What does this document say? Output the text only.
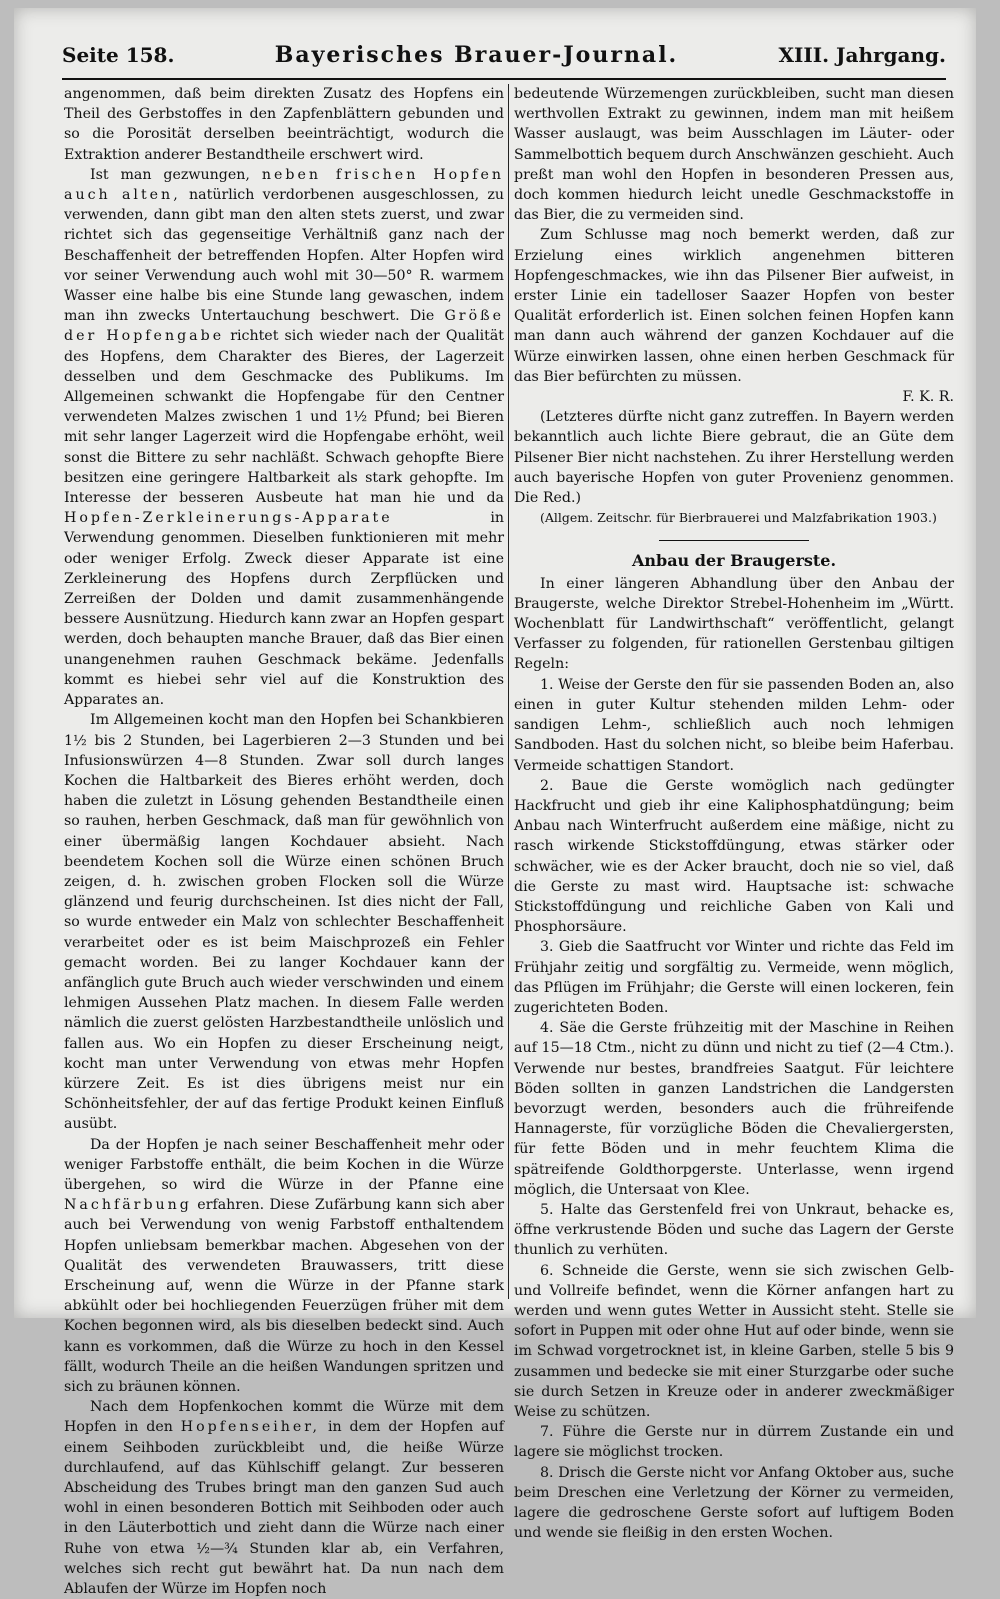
Seite 158.	Bayerisches Brauer-Journal.	XIII. Jahrgang.

angenommen, daß beim direkten Zusatz des Hopfens ein Theil des Gerbstoffes in den Zapfenblättern gebunden und so die Porosität derselben beeinträchtigt, wodurch die Extraktion anderer Bestandtheile erschwert wird.

Ist man gezwungen, neben frischen Hopfen auch alten, natürlich verdorbenen ausgeschlossen, zu verwenden, dann gibt man den alten stets zuerst, und zwar richtet sich das gegenseitige Verhältniß ganz nach der Beschaffenheit der betreffenden Hopfen. Alter Hopfen wird vor seiner Verwendung auch wohl mit 30—50° R. warmem Wasser eine halbe bis eine Stunde lang gewaschen, indem man ihn zwecks Untertauchung beschwert. Die Größe der Hopfengabe richtet sich wieder nach der Qualität des Hopfens, dem Charakter des Bieres, der Lagerzeit desselben und dem Geschmacke des Publikums. Im Allgemeinen schwankt die Hopfengabe für den Centner verwendeten Malzes zwischen 1 und 1½ Pfund; bei Bieren mit sehr langer Lagerzeit wird die Hopfengabe erhöht, weil sonst die Bittere zu sehr nachläßt. Schwach gehopfte Biere besitzen eine geringere Haltbarkeit als stark gehopfte. Im Interesse der besseren Ausbeute hat man hie und da Hopfen-Zerkleinerungs-Apparate	in Verwendung genommen. Dieselben funktionieren mit mehr oder weniger Erfolg. Zweck dieser Apparate ist eine Zerkleinerung des Hopfens durch Zerpflücken und Zerreißen der Dolden und damit zusammenhängende bessere Ausnützung. Hiedurch kann zwar an Hopfen gespart werden, doch behaupten manche Brauer, daß das Bier einen unangenehmen rauhen Geschmack bekäme. Jedenfalls kommt es hiebei sehr viel auf die Konstruktion des Apparates an.

Im Allgemeinen kocht man den Hopfen bei Schankbieren 1½ bis 2 Stunden, bei Lagerbieren 2—3 Stunden und bei Infusionswürzen 4—8 Stunden. Zwar soll durch langes Kochen die Haltbarkeit des Bieres erhöht werden, doch haben die zuletzt in Lösung gehenden Bestandtheile einen so rauhen, herben Geschmack, daß man für gewöhnlich von einer übermäßig langen Kochdauer absieht. Nach beendetem Kochen soll die Würze einen schönen Bruch zeigen, d. h. zwischen groben Flocken soll die Würze glänzend und feurig durchscheinen. Ist dies nicht der Fall, so wurde entweder ein Malz von schlechter Beschaffenheit verarbeitet oder es ist beim Maischprozeß ein Fehler gemacht worden. Bei zu langer Kochdauer kann der anfänglich gute Bruch auch wieder verschwinden und einem lehmigen Aussehen Platz machen. In diesem Falle werden nämlich die zuerst gelösten Harzbestandtheile unlöslich und fallen aus. Wo ein Hopfen zu dieser Erscheinung neigt, kocht man unter Verwendung von etwas mehr Hopfen kürzere Zeit. Es ist dies übrigens meist nur ein Schönheitsfehler, der auf das fertige Produkt keinen Einfluß ausübt.

Da der Hopfen je nach seiner Beschaffenheit mehr oder weniger Farbstoffe enthält, die beim Kochen in die Würze übergehen, so wird die Würze in der Pfanne eine Nachfärbung erfahren. Diese Zufärbung kann sich aber auch bei Verwendung von wenig Farbstoff enthaltendem Hopfen unliebsam bemerkbar machen. Abgesehen von der Qualität des verwendeten Brauwassers, tritt diese Erscheinung auf, wenn die Würze in der Pfanne stark abkühlt oder bei hochliegenden Feuerzügen früher mit dem Kochen begonnen wird, als bis dieselben bedeckt sind. Auch kann es vorkommen, daß die Würze zu hoch in den Kessel fällt, wodurch Theile an die heißen Wandungen spritzen und sich zu bräunen können.

Nach dem Hopfenkochen kommt die Würze mit dem Hopfen in den Hopfenseiher, in dem der Hopfen auf einem Seihboden zurückbleibt und, die heiße Würze durchlaufend, auf das Kühlschiff gelangt. Zur besseren Abscheidung des Trubes bringt man den ganzen Sud auch wohl in einen besonderen Bottich mit Seihboden oder auch in den Läuterbottich und zieht dann die Würze nach einer Ruhe von etwa ½—¾ Stunden klar ab, ein Verfahren, welches sich recht gut bewährt hat. Da nun nach dem Ablaufen der Würze im Hopfen noch

bedeutende Würzemengen zurückbleiben, sucht man diesen werthvollen Extrakt zu gewinnen, indem man mit heißem Wasser auslaugt, was beim Ausschlagen im Läuter- oder Sammelbottich bequem durch Anschwänzen geschieht. Auch preßt man wohl den Hopfen in besonderen Pressen aus, doch kommen hiedurch leicht unedle Geschmackstoffe in das Bier, die zu vermeiden sind.

Zum Schlusse mag noch bemerkt werden, daß zur Erzielung eines wirklich angenehmen bitteren Hopfengeschmackes, wie ihn das Pilsener Bier aufweist, in erster Linie ein tadelloser Saazer Hopfen von bester Qualität erforderlich ist. Einen solchen feinen Hopfen kann man dann auch während der ganzen Kochdauer auf die Würze einwirken lassen, ohne einen herben Geschmack für das Bier befürchten zu müssen.

F. K. R.

(Letzteres dürfte nicht ganz zutreffen. In Bayern werden bekanntlich auch lichte Biere gebraut, die an Güte dem Pilsener Bier nicht nachstehen. Zu ihrer Herstellung werden auch bayerische Hopfen von guter Provenienz genommen. Die Red.)

(Allgem. Zeitschr. für Bierbrauerei und Malzfabrikation 1903.)

Anbau der Braugerste.

In einer längeren Abhandlung über den Anbau der Braugerste, welche Direktor Strebel-Hohenheim im „Württ. Wochenblatt für Landwirthschaft“ veröffentlicht, gelangt Verfasser zu folgenden, für rationellen Gerstenbau giltigen Regeln:

1. Weise der Gerste den für sie passenden Boden an, also einen in guter Kultur stehenden milden Lehm- oder sandigen Lehm-, schließlich auch noch lehmigen Sandboden. Hast du solchen nicht, so bleibe beim Haferbau. Vermeide schattigen Standort.

2. Baue die Gerste womöglich nach gedüngter Hackfrucht und gieb ihr eine Kaliphosphatdüngung; beim Anbau nach Winterfrucht außerdem eine mäßige, nicht zu rasch wirkende Stickstoffdüngung, etwas stärker oder schwächer, wie es der Acker braucht, doch nie so viel, daß die Gerste zu mast wird. Hauptsache ist: schwache Stickstoffdüngung und reichliche Gaben von Kali und Phosphorsäure.

3. Gieb die Saatfrucht vor Winter und richte das Feld im Frühjahr zeitig und sorgfältig zu. Vermeide, wenn möglich, das Pflügen im Frühjahr; die Gerste will einen lockeren, fein zugerichteten Boden.

4. Säe die Gerste frühzeitig mit der Maschine in Reihen auf 15—18 Ctm., nicht zu dünn und nicht zu tief (2—4 Ctm.). Verwende nur bestes, brandfreies Saatgut. Für leichtere Böden sollten in ganzen Landstrichen die Landgersten bevorzugt werden, besonders auch die frühreifende Hannagerste, für vorzügliche Böden die Chevaliergersten, für fette Böden und in mehr feuchtem Klima die spätreifende Goldthorpgerste. Unterlasse, wenn irgend möglich, die Untersaat von Klee.

5. Halte das Gerstenfeld frei von Unkraut, behacke es, öffne verkrustende Böden und suche das Lagern der Gerste thunlich zu verhüten.

6. Schneide die Gerste, wenn sie sich zwischen Gelb- und Vollreife befindet, wenn die Körner anfangen hart zu werden und wenn gutes Wetter in Aussicht steht. Stelle sie sofort in Puppen mit oder ohne Hut auf oder binde, wenn sie im Schwad vorgetrocknet ist, in kleine Garben, stelle 5 bis 9 zusammen und bedecke sie mit einer Sturzgarbe oder suche sie durch Setzen in Kreuze oder in anderer zweckmäßiger Weise zu schützen.

7. Führe die Gerste nur in dürrem Zustande ein und lagere sie möglichst trocken.

8. Drisch die Gerste nicht vor Anfang Oktober aus, suche beim Dreschen eine Verletzung der Körner zu vermeiden, lagere die gedroschene Gerste sofort auf luftigem Boden und wende sie fleißig in den ersten Wochen.
